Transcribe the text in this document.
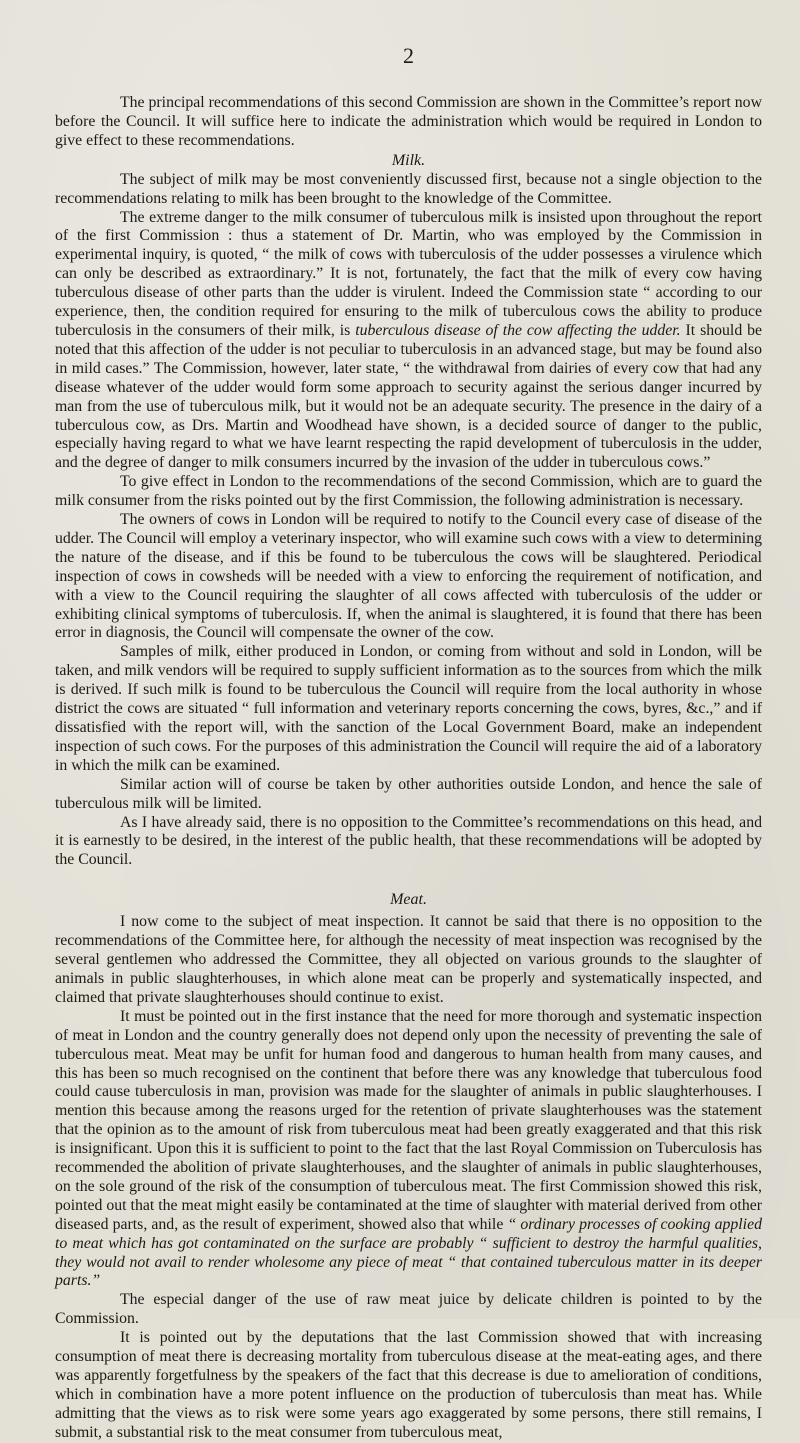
2

The principal recommendations of this second Commission are shown in the Committee’s report now before the Council. It will suffice here to indicate the administration which would be required in London to give effect to these recommendations.

Milk.

The subject of milk may be most conveniently discussed first, because not a single objection to the recommendations relating to milk has been brought to the knowledge of the Committee.

The extreme danger to the milk consumer of tuberculous milk is insisted upon throughout the report of the first Commission : thus a statement of Dr. Martin, who was employed by the Commission in experimental inquiry, is quoted, “ the milk of cows with tuberculosis of the udder possesses a virulence which can only be described as extraordinary.” It is not, fortunately, the fact that the milk of every cow having tuberculous disease of other parts than the udder is virulent. Indeed the Commission state “ according to our experience, then, the condition required for ensuring to the milk of tuberculous cows the ability to produce tuberculosis in the consumers of their milk, is tuberculous disease of the cow affecting the udder. It should be noted that this affection of the udder is not peculiar to tuberculosis in an advanced stage, but may be found also in mild cases.” The Commission, however, later state, “ the withdrawal from dairies of every cow that had any disease whatever of the udder would form some approach to security against the serious danger incurred by man from the use of tuberculous milk, but it would not be an adequate security. The presence in the dairy of a tuberculous cow, as Drs. Martin and Woodhead have shown, is a decided source of danger to the public, especially having regard to what we have learnt respecting the rapid development of tuberculosis in the udder, and the degree of danger to milk consumers incurred by the invasion of the udder in tuberculous cows.”

To give effect in London to the recommendations of the second Commission, which are to guard the milk consumer from the risks pointed out by the first Commission, the following administration is necessary.

The owners of cows in London will be required to notify to the Council every case of disease of the udder. The Council will employ a veterinary inspector, who will examine such cows with a view to determining the nature of the disease, and if this be found to be tuberculous the cows will be slaughtered. Periodical inspection of cows in cowsheds will be needed with a view to enforcing the requirement of notification, and with a view to the Council requiring the slaughter of all cows affected with tuberculosis of the udder or exhibiting clinical symptoms of tuberculosis. If, when the animal is slaughtered, it is found that there has been error in diagnosis, the Council will compensate the owner of the cow.

Samples of milk, either produced in London, or coming from without and sold in London, will be taken, and milk vendors will be required to supply sufficient information as to the sources from which the milk is derived. If such milk is found to be tuberculous the Council will require from the local authority in whose district the cows are situated “ full information and veterinary reports concerning the cows, byres, &c.,” and if dissatisfied with the report will, with the sanction of the Local Government Board, make an independent inspection of such cows. For the purposes of this administration the Council will require the aid of a laboratory in which the milk can be examined.

Similar action will of course be taken by other authorities outside London, and hence the sale of tuberculous milk will be limited.

As I have already said, there is no opposition to the Committee’s recommendations on this head, and it is earnestly to be desired, in the interest of the public health, that these recommendations will be adopted by the Council.

Meat.

I now come to the subject of meat inspection. It cannot be said that there is no opposition to the recommendations of the Committee here, for although the necessity of meat inspection was recognised by the several gentlemen who addressed the Committee, they all objected on various grounds to the slaughter of animals in public slaughterhouses, in which alone meat can be properly and systematically inspected, and claimed that private slaughterhouses should continue to exist.

It must be pointed out in the first instance that the need for more thorough and systematic inspection of meat in London and the country generally does not depend only upon the necessity of preventing the sale of tuberculous meat. Meat may be unfit for human food and dangerous to human health from many causes, and this has been so much recognised on the continent that before there was any knowledge that tuberculous food could cause tuberculosis in man, provision was made for the slaughter of animals in public slaughterhouses. I mention this because among the reasons urged for the retention of private slaughterhouses was the statement that the opinion as to the amount of risk from tuberculous meat had been greatly exaggerated and that this risk is insignificant. Upon this it is sufficient to point to the fact that the last Royal Commission on Tuberculosis has recommended the abolition of private slaughterhouses, and the slaughter of animals in public slaughterhouses, on the sole ground of the risk of the consumption of tuberculous meat. The first Commission showed this risk, pointed out that the meat might easily be contaminated at the time of slaughter with material derived from other diseased parts, and, as the result of experiment, showed also that while “ ordinary processes of cooking applied to meat which has got contaminated on the surface are probably “ sufficient to destroy the harmful qualities, they would not avail to render wholesome any piece of meat “ that contained tuberculous matter in its deeper parts.”

The especial danger of the use of raw meat juice by delicate children is pointed to by the Commission.

It is pointed out by the deputations that the last Commission showed that with increasing consumption of meat there is decreasing mortality from tuberculous disease at the meat-eating ages, and there was apparently forgetfulness by the speakers of the fact that this decrease is due to amelioration of conditions, which in combination have a more potent influence on the production of tuberculosis than meat has. While admitting that the views as to risk were some years ago exaggerated by some persons, there still remains, I submit, a substantial risk to the meat consumer from tuberculous meat,
